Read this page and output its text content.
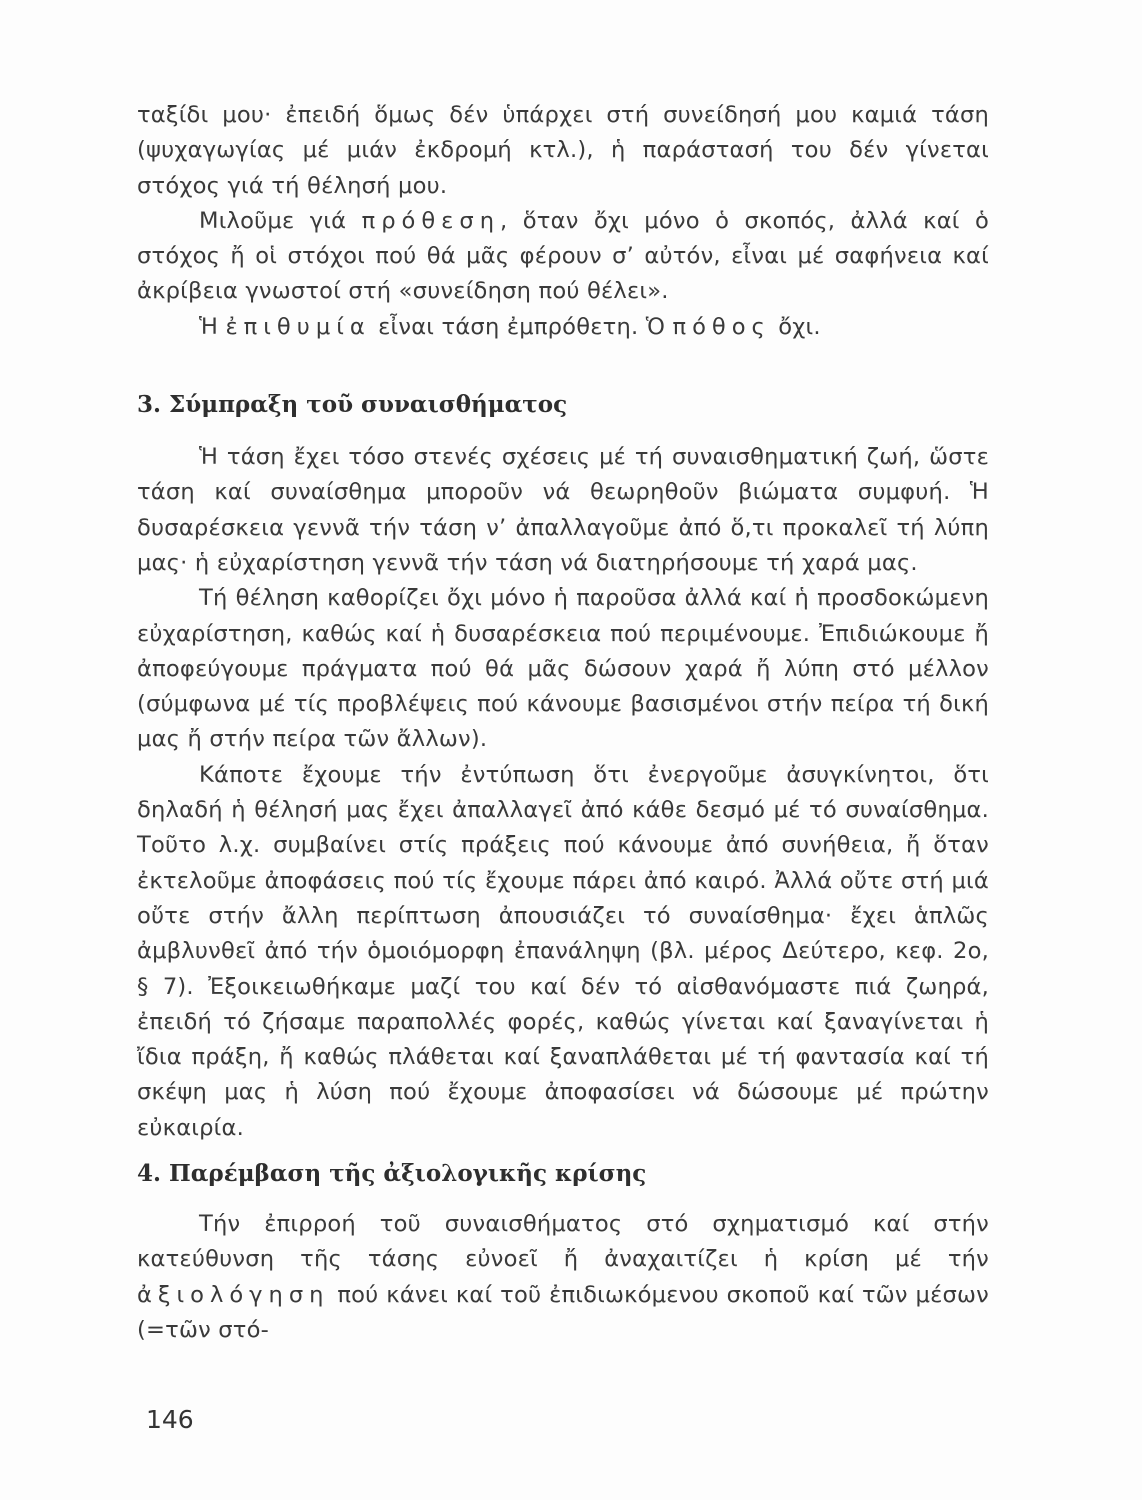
ταξίδι μου· ἐπειδή ὅμως δέν ὑπάρχει στή συνείδησή μου καμιά τάση (ψυχαγωγίας μέ μιάν ἐκδρομή κτλ.), ἡ παράστασή του δέν γίνεται στόχος γιά τή θέλησή μου.

Μιλοῦμε γιά πρόθεση, ὅταν ὄχι μόνο ὁ σκοπός, ἀλλά καί ὁ στόχος ἤ οἱ στόχοι πού θά μᾶς φέρουν σ’ αὐτόν, εἶναι μέ σαφήνεια καί ἀκρίβεια γνωστοί στή «συνείδηση πού θέλει».

Ἡ ἐπιθυμία εἶναι τάση ἐμπρόθετη. Ὁ πόθος ὄχι.

3. Σύμπραξη τοῦ συναισθήματος

Ἡ τάση ἔχει τόσο στενές σχέσεις μέ τή συναισθηματική ζωή, ὥστε τάση καί συναίσθημα μποροῦν νά θεωρηθοῦν βιώματα συμφυή. Ἡ δυσαρέσκεια γεννᾶ τήν τάση ν’ ἀπαλλαγοῦμε ἀπό ὅ,τι προκαλεῖ τή λύπη μας· ἡ εὐχαρίστηση γεννᾶ τήν τάση νά διατηρήσουμε τή χαρά μας.

Τή θέληση καθορίζει ὄχι μόνο ἡ παροῦσα ἀλλά καί ἡ προσδοκώμενη εὐχαρίστηση, καθώς καί ἡ δυσαρέσκεια πού περιμένουμε. Ἐπιδιώκουμε ἤ ἀποφεύγουμε πράγματα πού θά μᾶς δώσουν χαρά ἤ λύπη στό μέλλον (σύμφωνα μέ τίς προβλέψεις πού κάνουμε βασισμένοι στήν πείρα τή δική μας ἤ στήν πείρα τῶν ἄλλων).

Κάποτε ἔχουμε τήν ἐντύπωση ὅτι ἐνεργοῦμε ἀσυγκίνητοι, ὅτι δηλαδή ἡ θέλησή μας ἔχει ἀπαλλαγεῖ ἀπό κάθε δεσμό μέ τό συναίσθημα. Τοῦτο λ.χ. συμβαίνει στίς πράξεις πού κάνουμε ἀπό συνήθεια, ἤ ὅταν ἐκτελοῦμε ἀποφάσεις πού τίς ἔχουμε πάρει ἀπό καιρό. Ἀλλά οὔτε στή μιά οὔτε στήν ἄλλη περίπτωση ἀπουσιάζει τό συναίσθημα· ἔχει ἁπλῶς ἀμβλυνθεῖ ἀπό τήν ὁμοιόμορφη ἐπανάληψη (βλ. μέρος Δεύτερο, κεφ. 2ο, § 7). Ἐξοικειωθήκαμε μαζί του καί δέν τό αἰσθανόμαστε πιά ζωηρά, ἐπειδή τό ζήσαμε παραπολλές φορές, καθώς γίνεται καί ξαναγίνεται ἡ ἴδια πράξη, ἤ καθώς πλάθεται καί ξαναπλάθεται μέ τή φαντασία καί τή σκέψη μας ἡ λύση πού ἔχουμε ἀποφασίσει νά δώσουμε μέ πρώτην εὐκαιρία.

4. Παρέμβαση τῆς ἀξιολογικῆς κρίσης

Τήν ἐπιρροή τοῦ συναισθήματος στό σχηματισμό καί στήν κατεύθυνση τῆς τάσης εὐνοεῖ ἤ ἀναχαιτίζει ἡ κρίση μέ τήν ἀξιολόγηση πού κάνει καί τοῦ ἐπιδιωκόμενου σκοποῦ καί τῶν μέσων (=τῶν στό-

146
